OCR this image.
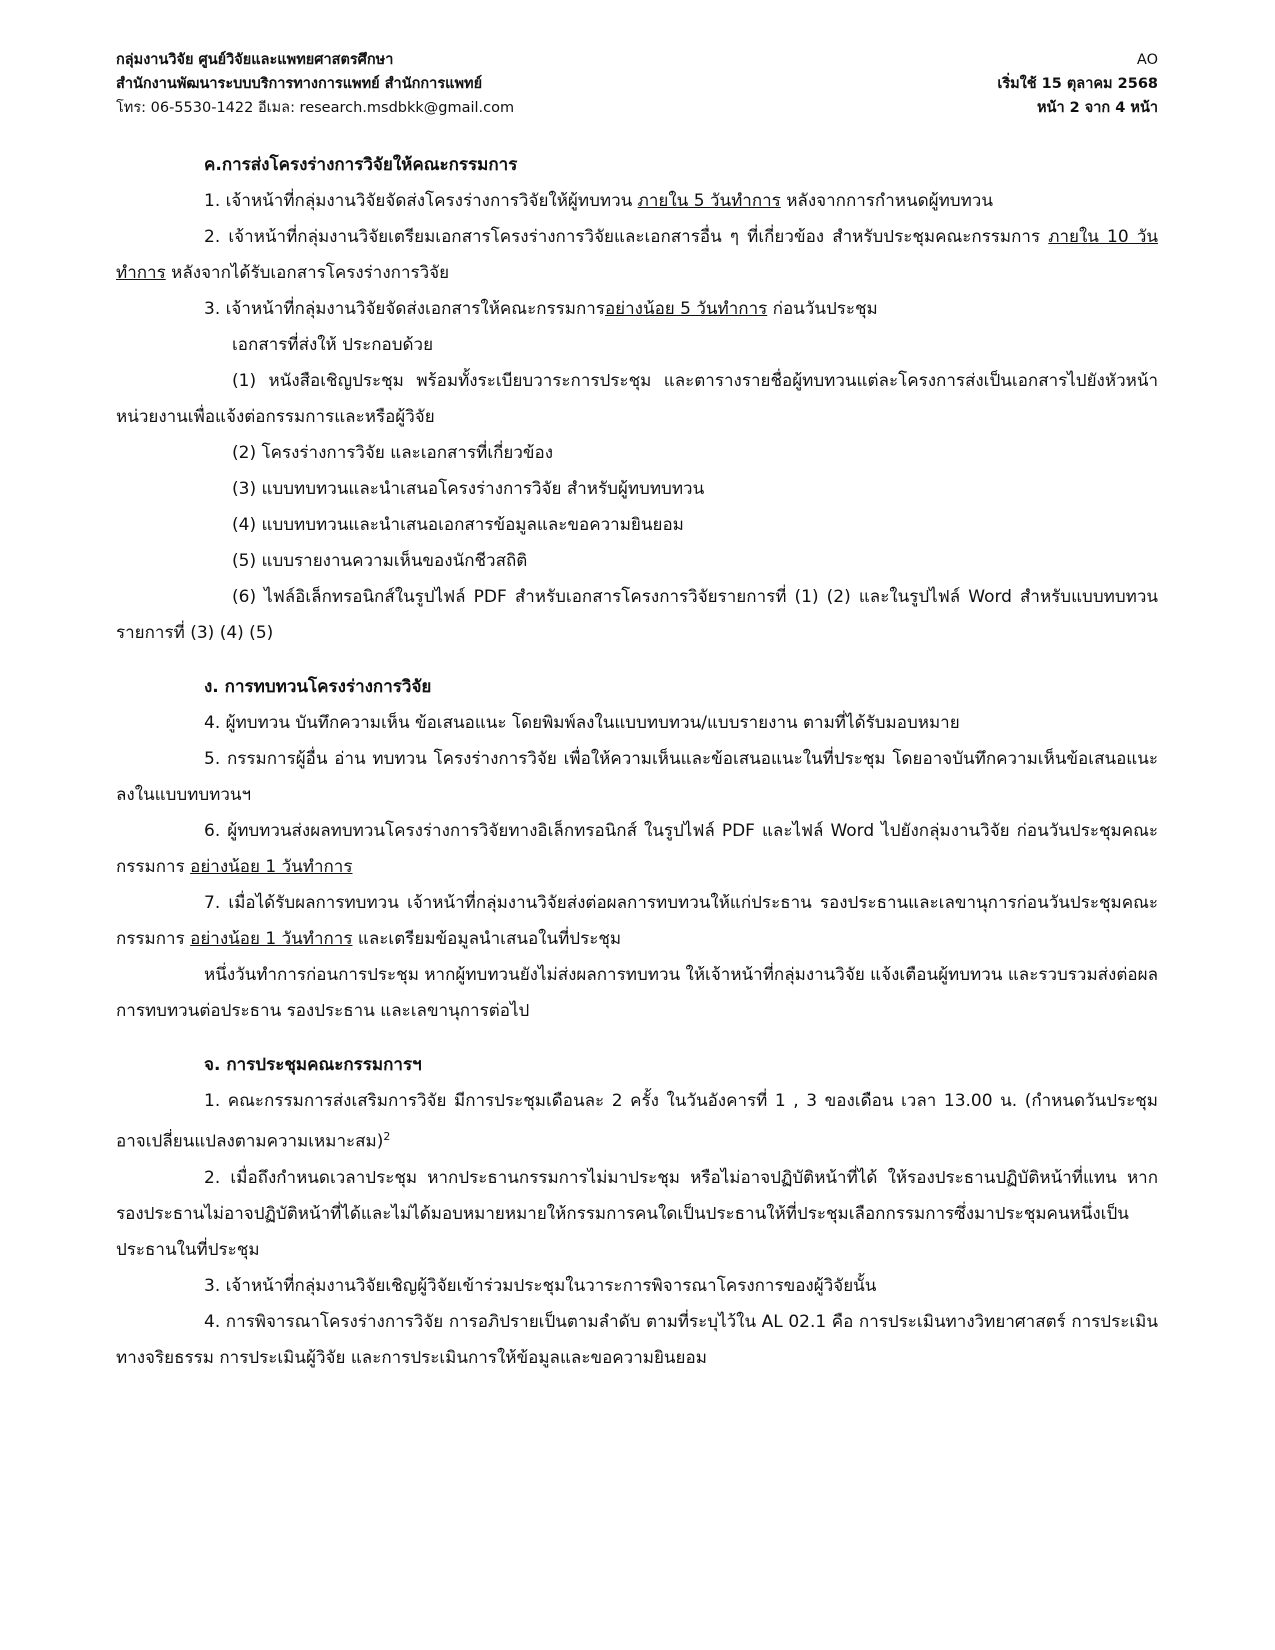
กลุ่มงานวิจัย ศูนย์วิจัยและแพทยศาสตรศึกษา
สำนักงานพัฒนาระบบบริการทางการแพทย์ สำนักการแพทย์
โทร: 06-5530-1422 อีเมล: research.msdbkk@gmail.com
AO
เริ่มใช้ 15 ตุลาคม 2568
หน้า 2 จาก 4 หน้า
ค.การส่งโครงร่างการวิจัยให้คณะกรรมการ
1. เจ้าหน้าที่กลุ่มงานวิจัยจัดส่งโครงร่างการวิจัยให้ผู้ทบทวน ภายใน 5 วันทำการ หลังจากการกำหนดผู้ทบทวน
2. เจ้าหน้าที่กลุ่มงานวิจัยเตรียมเอกสารโครงร่างการวิจัยและเอกสารอื่น ๆ ที่เกี่ยวข้อง สำหรับประชุมคณะกรรมการ ภายใน 10 วันทำการ หลังจากได้รับเอกสารโครงร่างการวิจัย
3. เจ้าหน้าที่กลุ่มงานวิจัยจัดส่งเอกสารให้คณะกรรมการอย่างน้อย 5 วันทำการ ก่อนวันประชุม
เอกสารที่ส่งให้ ประกอบด้วย
(1) หนังสือเชิญประชุม พร้อมทั้งระเบียบวาระการประชุม และตารางรายชื่อผู้ทบทวนแต่ละโครงการส่งเป็นเอกสารไปยังหัวหน้าหน่วยงานเพื่อแจ้งต่อกรรมการและหรือผู้วิจัย
(2) โครงร่างการวิจัย และเอกสารที่เกี่ยวข้อง
(3) แบบทบทวนและนำเสนอโครงร่างการวิจัย สำหรับผู้ทบทบทวน
(4) แบบทบทวนและนำเสนอเอกสารข้อมูลและขอความยินยอม
(5) แบบรายงานความเห็นของนักชีวสถิติ
(6) ไฟล์อิเล็กทรอนิกส์ในรูปไฟล์ PDF สำหรับเอกสารโครงการวิจัยรายการที่ (1) (2) และในรูปไฟล์ Word สำหรับแบบทบทวนรายการที่ (3) (4) (5)
ง. การทบทวนโครงร่างการวิจัย
4. ผู้ทบทวน บันทึกความเห็น ข้อเสนอแนะ โดยพิมพ์ลงในแบบทบทวน/แบบรายงาน ตามที่ได้รับมอบหมาย
5. กรรมการผู้อื่น อ่าน ทบทวน โครงร่างการวิจัย เพื่อให้ความเห็นและข้อเสนอแนะในที่ประชุม โดยอาจบันทึกความเห็นข้อเสนอแนะลงในแบบทบทวนฯ
6. ผู้ทบทวนส่งผลทบทวนโครงร่างการวิจัยทางอิเล็กทรอนิกส์ ในรูปไฟล์ PDF และไฟล์ Word ไปยังกลุ่มงานวิจัย ก่อนวันประชุมคณะกรรมการ อย่างน้อย 1 วันทำการ
7. เมื่อได้รับผลการทบทวน เจ้าหน้าที่กลุ่มงานวิจัยส่งต่อผลการทบทวนให้แก่ประธาน รองประธานและเลขานุการก่อนวันประชุมคณะกรรมการ อย่างน้อย 1 วันทำการ และเตรียมข้อมูลนำเสนอในที่ประชุม
หนึ่งวันทำการก่อนการประชุม หากผู้ทบทวนยังไม่ส่งผลการทบทวน ให้เจ้าหน้าที่กลุ่มงานวิจัย แจ้งเตือนผู้ทบทวน และรวบรวมส่งต่อผลการทบทวนต่อประธาน รองประธาน และเลขานุการต่อไป
จ. การประชุมคณะกรรมการฯ
1. คณะกรรมการส่งเสริมการวิจัย มีการประชุมเดือนละ 2 ครั้ง ในวันอังคารที่ 1 , 3 ของเดือน เวลา 13.00 น. (กำหนดวันประชุมอาจเปลี่ยนแปลงตามความเหมาะสม)$^2$
2. เมื่อถึงกำหนดเวลาประชุม หากประธานกรรมการไม่มาประชุม หรือไม่อาจปฏิบัติหน้าที่ได้ ให้รองประธานปฏิบัติหน้าที่แทน หากรองประธานไม่อาจปฏิบัติหน้าที่ได้และไม่ได้มอบหมายหมายให้กรรมการคนใดเป็นประธานให้ที่ประชุมเลือกกรรมการซึ่งมาประชุมคนหนึ่งเป็นประธานในที่ประชุม
3. เจ้าหน้าที่กลุ่มงานวิจัยเชิญผู้วิจัยเข้าร่วมประชุมในวาระการพิจารณาโครงการของผู้วิจัยนั้น
4. การพิจารณาโครงร่างการวิจัย การอภิปรายเป็นตามลำดับ ตามที่ระบุไว้ใน AL 02.1 คือ การประเมินทางวิทยาศาสตร์ การประเมินทางจริยธรรม การประเมินผู้วิจัย และการประเมินการให้ข้อมูลและขอความยินยอม
